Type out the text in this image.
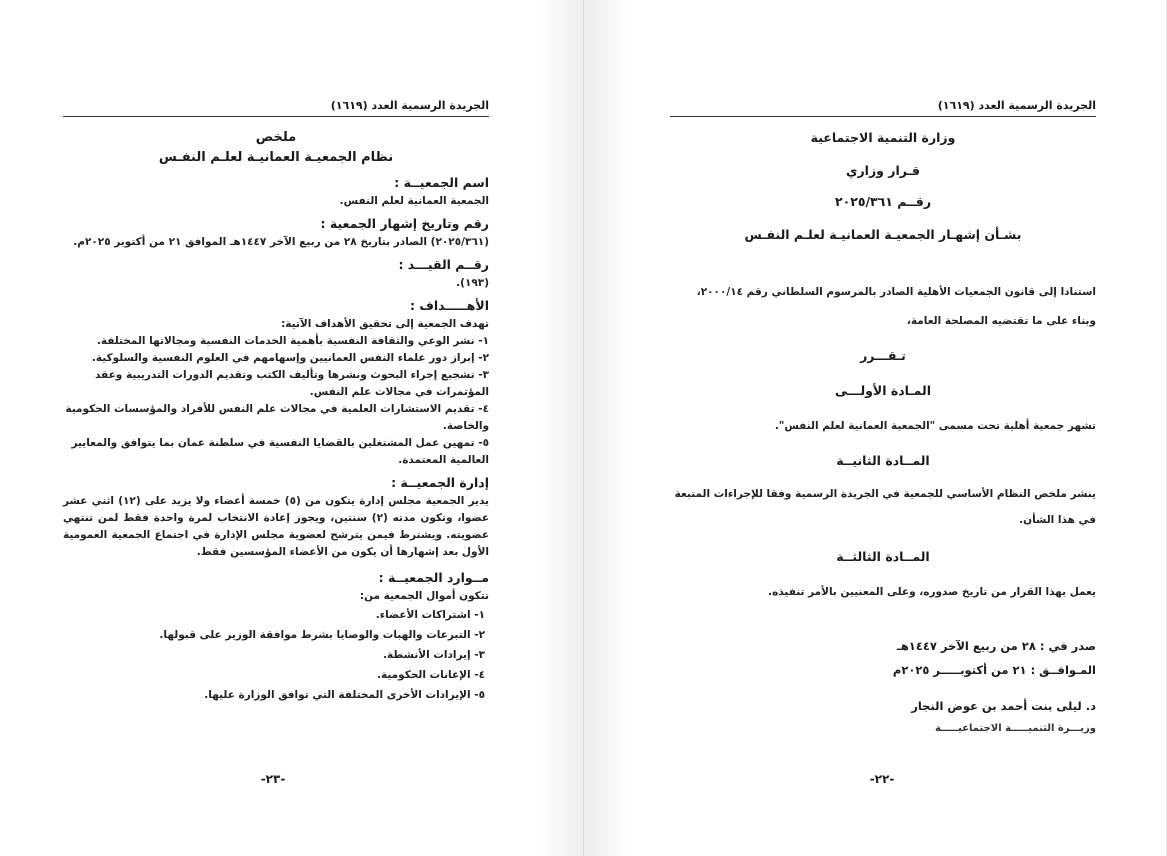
الجريدة الرسمية العدد (١٦١٩)

ملخص

نظام الجمعيـة العمانيـة لعلـم النفـس

اسم الجمعيــة :

الجمعية العمانية لعلم النفس.

رقم وتاريخ إشهار الجمعية :

(٢٠٢٥/٣٦١) الصادر بتاريخ ٢٨ من ربيع الآخر ١٤٤٧هـ الموافق ٢١ من أكتوبر ٢٠٢٥م.

رقــم القيـــد :

(١٩٣).

الأهـــــداف :

تهدف الجمعية إلى تحقيق الأهداف الآتية:

١- نشر الوعي والثقافة النفسية بأهمية الخدمات النفسية ومجالاتها المختلفة.

٢- إبراز دور علماء النفس العمانيين وإسهامهم في العلوم النفسية والسلوكية.

٣- تشجيع إجراء البحوث ونشرها وتأليف الكتب وتقديم الدورات التدريبية وعقد المؤتمرات في مجالات علم النفس.

٤- تقديم الاستشارات العلمية في مجالات علم النفس للأفراد والمؤسسات الحكومية والخاصة.

٥- تمهين عمل المشتغلين بالقضايا النفسية في سلطنة عمان بما يتوافق والمعايير العالمية المعتمدة.

إدارة الجمعيــة :

يدير الجمعية مجلس إدارة يتكون من (٥) خمسة أعضاء ولا يزيد على (١٢) اثني عشر عضوا، وتكون مدته (٢) سنتين، ويجوز إعادة الانتخاب لمرة واحدة فقط لمن تنتهي عضويته. ويشترط فيمن يترشح لعضوية مجلس الإدارة في اجتماع الجمعية العمومية الأول بعد إشهارها أن يكون من الأعضاء المؤسسين فقط.

مــوارد الجمعيــة :

تتكون أموال الجمعية من:

١- اشتراكات الأعضاء.

٢- التبرعات والهبات والوصايا بشرط موافقة الوزير على قبولها.

٣- إيرادات الأنشطة.

٤- الإعانات الحكومية.

٥- الإيرادات الأخرى المختلفة التي توافق الوزارة عليها.

-٢٣-
الجريدة الرسمية العدد (١٦١٩)
وزارة التنمية الاجتماعية
قـرار وزاري
رقــم ٢٠٢٥/٣٦١
بشـأن إشهـار الجمعيـة العمانيـة لعلـم النفـس

استنادا إلى قانون الجمعيات الأهلية الصادر بالمرسوم السلطاني رقم ٢٠٠٠/١٤،

وبناء على ما تقتضيه المصلحة العامة،

تـقـــرر
المـادة الأولـــى

تشهر جمعية أهلية تحت مسمى "الجمعية العمانية لعلم النفس".

المــادة الثانيــة

ينشر ملخص النظام الأساسي للجمعية في الجريدة الرسمية وفقا للإجراءات المتبعة

في هذا الشأن.

المــادة الثالثــة

يعمل بهذا القرار من تاريخ صدوره، وعلى المعنيين بالأمر تنفيذه.

صدر في : ٢٨ من ربيع الآخر ١٤٤٧هـ

المـوافــق : ٢١ من أكتوبـــــر ٢٠٢٥م

د. ليلى بنت أحمد بن عوض النجار

وزيـــرة التنميـــــة الاجتماعيـــــة

-٢٢-
